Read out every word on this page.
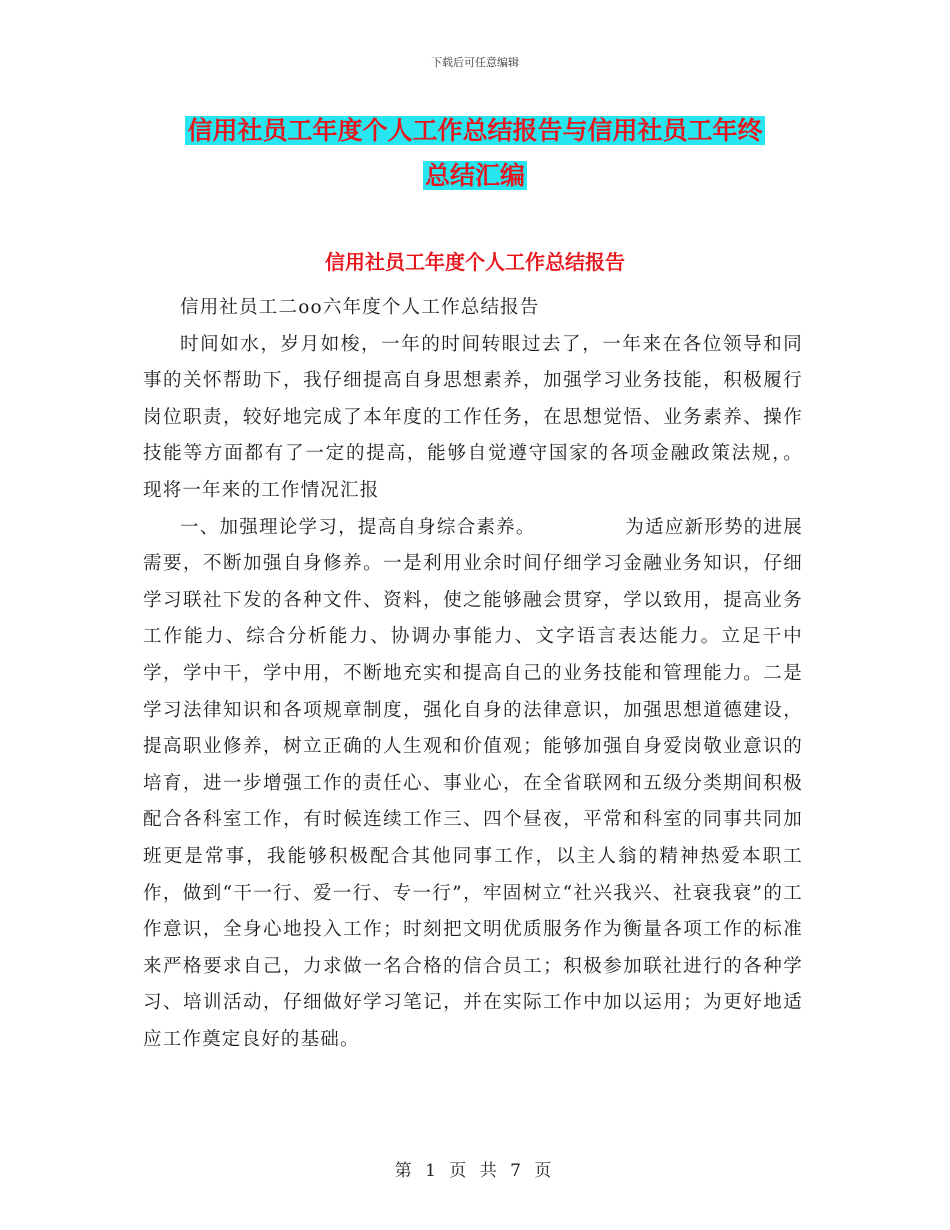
下载后可任意编辑
信用社员工年度个人工作总结报告与信用社员工年终
总结汇编
信用社员工年度个人工作总结报告

信用社员工二oo六年度个人工作总结报告

时间如水，岁月如梭，一年的时间转眼过去了，一年来在各位领导和同事的关怀帮助下，我仔细提高自身思想素养，加强学习业务技能，积极履行岗位职责，较好地完成了本年度的工作任务，在思想觉悟、业务素养、操作技能等方面都有了一定的提高，能够自觉遵守国家的各项金融政策法规，。现将一年来的工作情况汇报

一、加强理论学习，提高自身综合素养。　　　　　为适应新形势的进展需要，不断加强自身修养。一是利用业余时间仔细学习金融业务知识，仔细学习联社下发的各种文件、资料，使之能够融会贯穿，学以致用，提高业务工作能力、综合分析能力、协调办事能力、文字语言表达能力。立足干中学，学中干，学中用，不断地充实和提高自己的业务技能和管理能力。二是学习法律知识和各项规章制度，强化自身的法律意识，加强思想道德建设，提高职业修养，树立正确的人生观和价值观；能够加强自身爱岗敬业意识的培育，进一步增强工作的责任心、事业心，在全省联网和五级分类期间积极配合各科室工作，有时候连续工作三、四个昼夜，平常和科室的同事共同加班更是常事，我能够积极配合其他同事工作，以主人翁的精神热爱本职工作，做到“干一行、爱一行、专一行”，牢固树立“社兴我兴、社衰我衰”的工作意识，全身心地投入工作；时刻把文明优质服务作为衡量各项工作的标准来严格要求自己，力求做一名合格的信合员工；积极参加联社进行的各种学习、培训活动，仔细做好学习笔记，并在实际工作中加以运用；为更好地适应工作奠定良好的基础。

第 1 页 共 7 页
